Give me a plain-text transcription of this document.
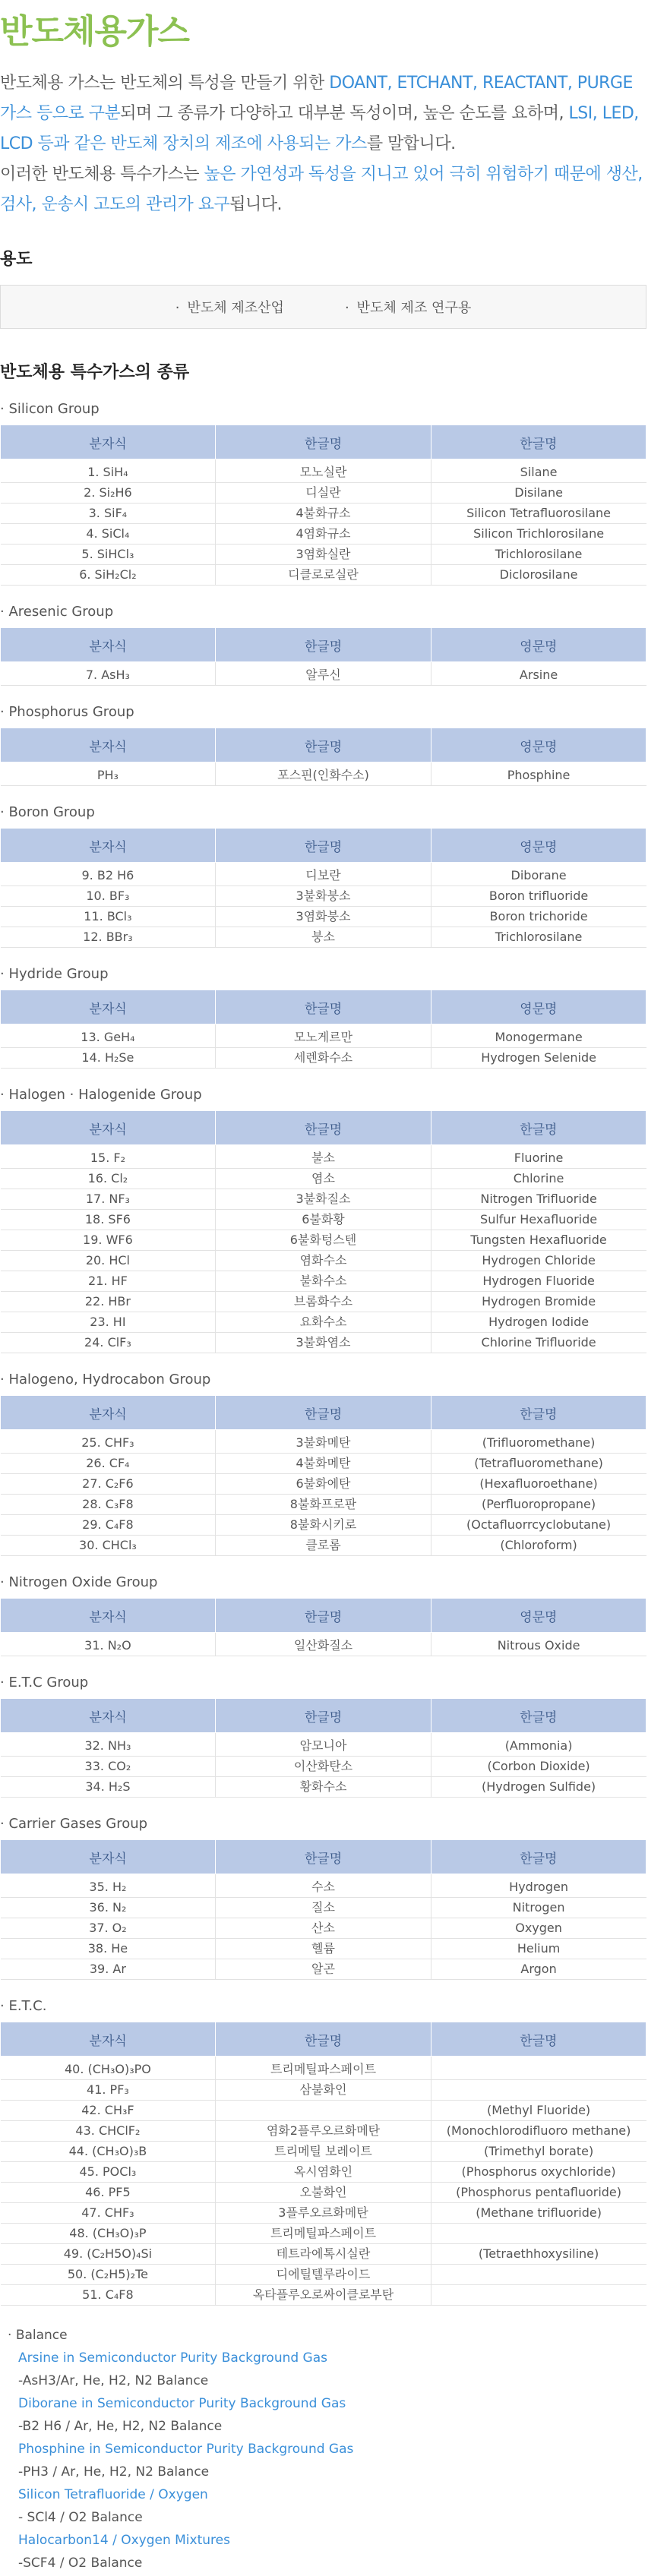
반도체용가스
반도체용 가스는 반도체의 특성을 만들기 위한 DOANT, ETCHANT, REACTANT, PURGE 가스 등으로 구분되며 그 종류가 다양하고 대부분 독성이며, 높은 순도를 요하며, LSI, LED, LCD 등과 같은 반도체 장치의 제조에 사용되는 가스를 말합니다.
이러한 반도체용 특수가스는 높은 가연성과 독성을 지니고 있어 극히 위험하기 때문에 생산, 검사, 운송시 고도의 관리가 요구됩니다.
용도
· 반도체 제조산업	· 반도체 제조 연구용
반도체용 특수가스의 종류
· Silicon Group
분자식	한글명	한글명
1. SiH₄	모노실란	Silane
2. Si₂H6	디실란	Disilane
3. SiF₄	4불화규소	Silicon Tetrafluorosilane
4. SiCl₄	4염화규소	Silicon Trichlorosilane
5. SiHCl₃	3염화실란	Trichlorosilane
6. SiH₂Cl₂	디클로로실란	Diclorosilane
· Aresenic Group
분자식	한글명	영문명
7. AsH₃	알루신	Arsine
· Phosphorus Group
분자식	한글명	영문명
PH₃	포스핀(인화수소)	Phosphine
· Boron Group
분자식	한글명	영문명
9. B2 H6	디보란	Diborane
10. BF₃	3불화붕소	Boron trifluoride
11. BCl₃	3염화붕소	Boron trichoride
12. BBr₃	붕소	Trichlorosilane
· Hydride Group
분자식	한글명	영문명
13. GeH₄	모노게르만	Monogermane
14. H₂Se	세렌화수소	Hydrogen Selenide
· Halogen · Halogenide Group
분자식	한글명	한글명
15. F₂	불소	Fluorine
16. Cl₂	염소	Chlorine
17. NF₃	3불화질소	Nitrogen Trifluoride
18. SF6	6불화황	Sulfur Hexafluoride
19. WF6	6불화텅스텐	Tungsten Hexafluoride
20. HCl	염화수소	Hydrogen Chloride
21. HF	불화수소	Hydrogen Fluoride
22. HBr	브롬화수소	Hydrogen Bromide
23. HI	요화수소	Hydrogen Iodide
24. ClF₃	3불화염소	Chlorine Trifluoride
· Halogeno, Hydrocabon Group
분자식	한글명	한글명
25. CHF₃	3불화메탄	(Trifluoromethane)
26. CF₄	4불화메탄	(Tetrafluoromethane)
27. C₂F6	6불화에탄	(Hexafluoroethane)
28. C₃F8	8불화프로판	(Perfluoropropane)
29. C₄F8	8불화시키로	(Octafluorrcyclobutane)
30. CHCl₃	클로롬	(Chloroform)
· Nitrogen Oxide Group
분자식	한글명	영문명
31. N₂O	일산화질소	Nitrous Oxide
· E.T.C Group
분자식	한글명	한글명
32. NH₃	암모니아	(Ammonia)
33. CO₂	이산화탄소	(Corbon Dioxide)
34. H₂S	황화수소	(Hydrogen Sulfide)
· Carrier Gases Group
분자식	한글명	한글명
35. H₂	수소	Hydrogen
36. N₂	질소	Nitrogen
37. O₂	산소	Oxygen
38. He	헬륨	Helium
39. Ar	알곤	Argon
· E.T.C.
분자식	한글명	한글명
40. (CH₃O)₃PO	트리메틸파스페이트	
41. PF₃	삼불화인	
42. CH₃F		(Methyl Fluoride)
43. CHClF₂	염화2플루오르화메탄	(Monochlorodifluoro methane)
44. (CH₃O)₃B	트리메틸 보레이트	(Trimethyl borate)
45. POCl₃	옥시염화인	(Phosphorus oxychloride)
46. PF5	오불화인	(Phosphorus pentafluoride)
47. CHF₃	3플루오르화메탄	(Methane trifluoride)
48. (CH₃O)₃P	트리메틸파스페이트	
49. (C₂H5O)₄Si	테트라에톡시실란	(Tetraethhoxysiline)
50. (C₂H5)₂Te	디에틸텔루라이드	
51. C₄F8	옥타플루오로싸이클로부탄	
· Balance
Arsine in Semiconductor Purity Background Gas
-AsH3/Ar, He, H2, N2 Balance
Diborane in Semiconductor Purity Background Gas
-B2 H6 / Ar, He, H2, N2 Balance
Phosphine in Semiconductor Purity Background Gas
-PH3 / Ar, He, H2, N2 Balance
Silicon Tetrafluoride / Oxygen
- SCl4 / O2 Balance
Halocarbon14 / Oxygen Mixtures
-SCF4 / O2 Balance
